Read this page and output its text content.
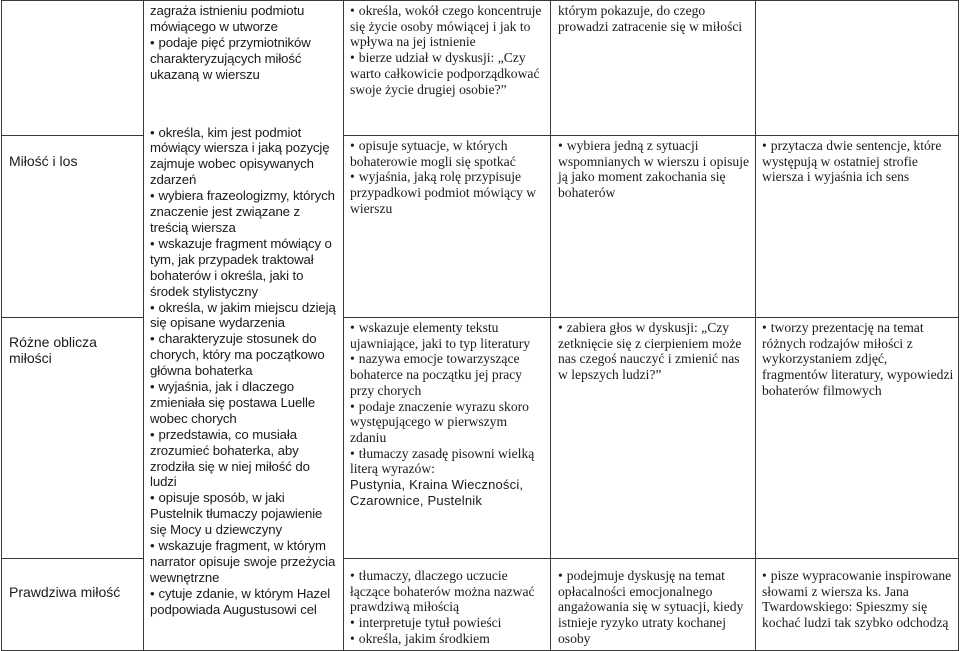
Miłość i los
Różne oblicza miłości
Prawdziwa miłość
zagraża istnieniu podmiotu mówiącego w utworze
• podaje pięć przymiotników charakteryzujących miłość ukazaną w wierszu
• określa, kim jest podmiot mówiący wiersza i jaką pozycję zajmuje wobec opisywanych zdarzeń
• wybiera frazeologizmy, których znaczenie jest związane z treścią wiersza
• wskazuje fragment mówiący o tym, jak przypadek traktował bohaterów i określa, jaki to środek stylistyczny
• określa, w jakim miejscu dzieją się opisane wydarzenia
• charakteryzuje stosunek do chorych, który ma początkowo główna bohaterka
• wyjaśnia, jak i dlaczego zmieniała się postawa Luelle wobec chorych
• przedstawia, co musiała zrozumieć bohaterka, aby zrodziła się w niej miłość do ludzi
• opisuje sposób, w jaki Pustelnik tłumaczy pojawienie się Mocy u dziewczyny
• wskazuje fragment, w którym narrator opisuje swoje przeżycia wewnętrzne
• cytuje zdanie, w którym Hazel podpowiada Augustusowi cel
• określa, wokół czego koncentruje się życie osoby mówiącej i jak to wpływa na jej istnienie
• bierze udział w dyskusji: „Czy warto całkowicie podporządkować swoje życie drugiej osobie?”
• opisuje sytuacje, w których bohaterowie mogli się spotkać
• wyjaśnia, jaką rolę przypisuje przypadkowi podmiot mówiący w wierszu
• wskazuje elementy tekstu ujawniające, jaki to typ literatury
• nazywa emocje towarzyszące bohaterce na początku jej pracy przy chorych
• podaje znaczenie wyrazu skoro występującego w pierwszym zdaniu
• tłumaczy zasadę pisowni wielką literą wyrazów:

Pustynia, Kraina Wieczności, Czarownice, Pustelnik

• tłumaczy, dlaczego uczucie łączące bohaterów można nazwać prawdziwą miłością
• interpretuje tytuł powieści
• określa, jakim środkiem
którym pokazuje, do czego prowadzi zatracenie się w miłości
• wybiera jedną z sytuacji wspomnianych w wierszu i opisuje ją jako moment zakochania się bohaterów
• zabiera głos w dyskusji: „Czy zetknięcie się z cierpieniem może nas czegoś nauczyć i zmienić nas w lepszych ludzi?”
• podejmuje dyskusję na temat opłacalności emocjonalnego angażowania się w sytuacji, kiedy istnieje ryzyko utraty kochanej osoby
• przytacza dwie sentencje, które występują w ostatniej strofie wiersza i wyjaśnia ich sens
• tworzy prezentację na temat różnych rodzajów miłości z wykorzystaniem zdjęć, fragmentów literatury, wypowiedzi bohaterów filmowych
• pisze wypracowanie inspirowane słowami z wiersza ks. Jana Twardowskiego: Spieszmy się kochać ludzi tak szybko odchodzą
